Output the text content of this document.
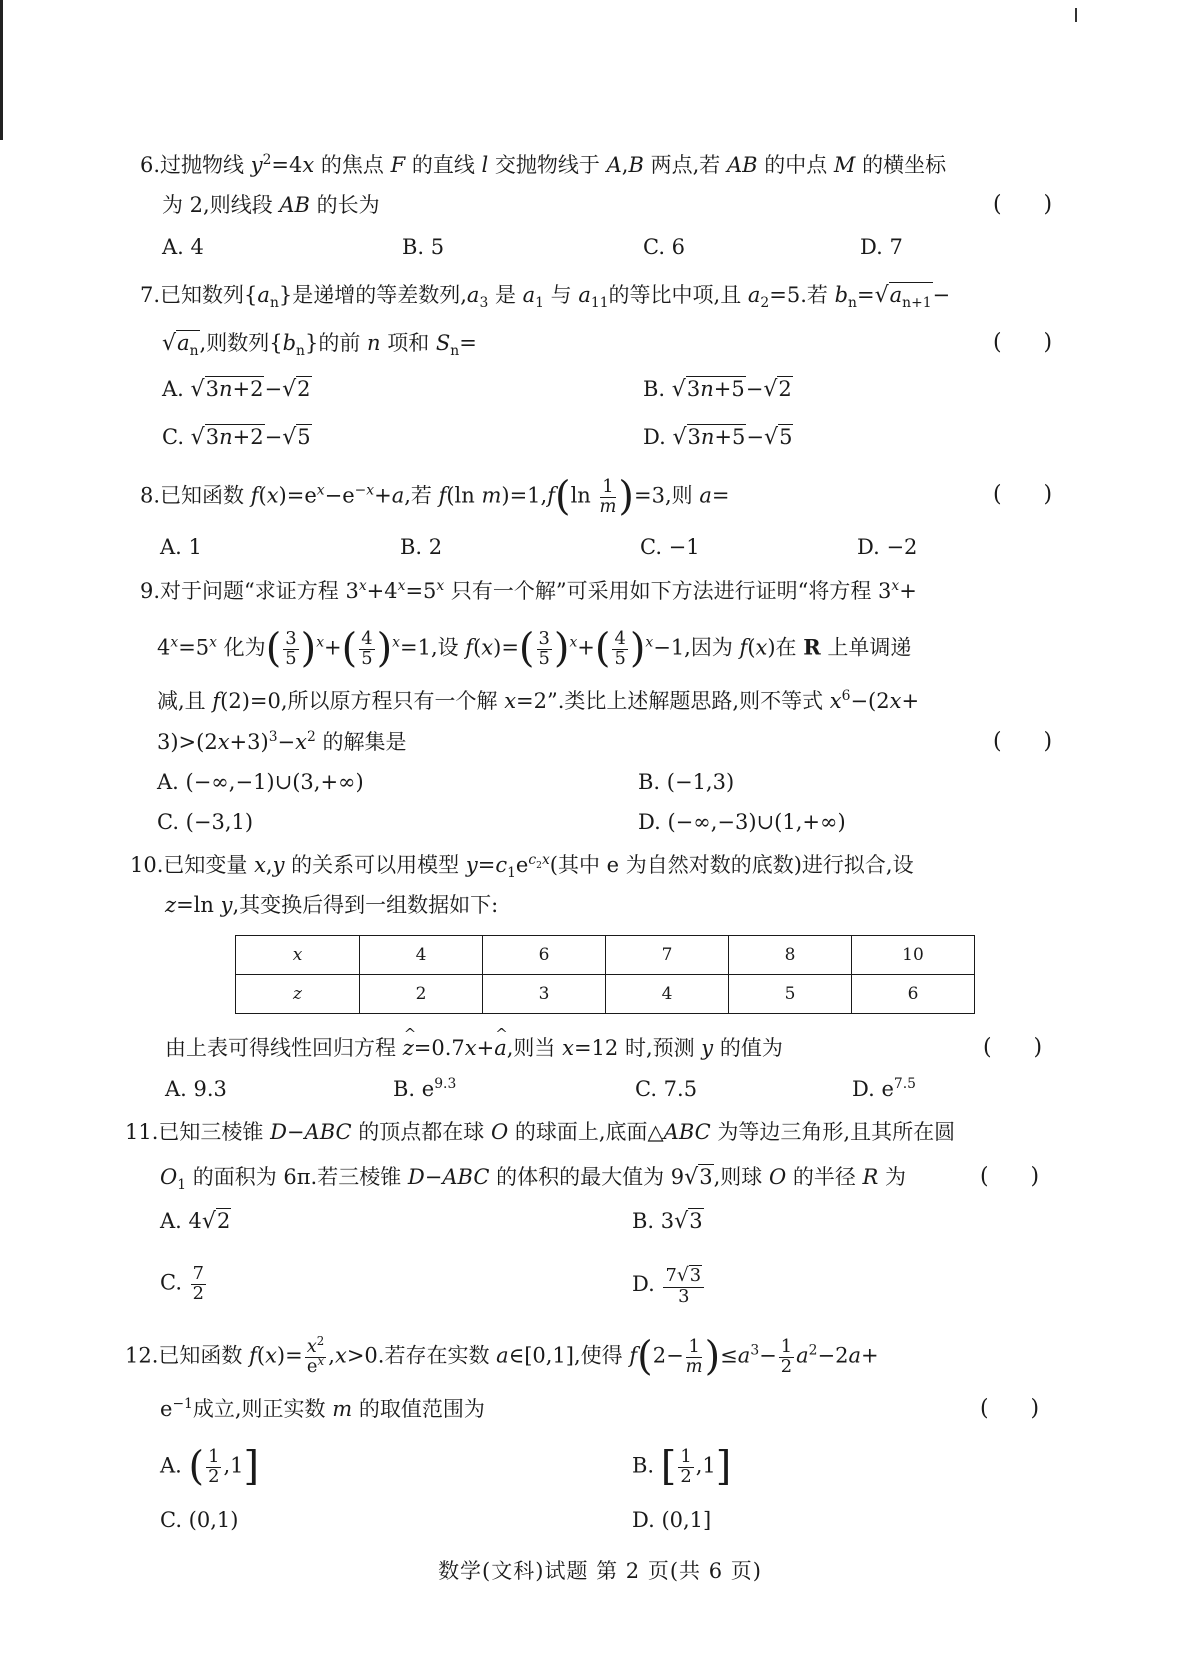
6.过抛物线 $y^2=4x$ 的焦点 F 的直线 l 交抛物线于 A,B 两点,若 AB 的中点 M 的横坐标
为 2,则线段 AB 的长为	(      )
A. 4	B. 5	C. 6	D. 7
7.已知数列$\{a_n\}$是递增的等差数列$,a_3$ 是 $a_1$ 与 $a_{11}$的等比中项,且 $a_2=5$.若 $b_n=√a_{n+1}-$
$√a_n$,则数列$\{b_n\}$的前 n 项和 $S_n=$	(      )
A. √3n+2−√2	B. √3n+5−√2
C. √3n+2−√5	D. √3n+5−√5
8.已知函数 $f(x)=e^x-e^{-x}+a$,若 f(ln $m)=1,f(\ln \frac{1}{m} )=3$,则 a=	(      )
A. 1	B. 2	C. −1	D. −2
9.对于问题“求证方程 $3^x+4^x=5^x$ 只有一个解”可采用如下方法进行证明“将方程 $3^x+$
$4^x=5^x$ 化为( $\frac{3}{5} )^x+( \frac{4}{5} )^x=1$,设 $f(x)=( \frac{3}{5} )^x+( \frac{4}{5} )^x-1$,因为 f(x)在 R 上单调递
减,且 f(2)=0,所以原方程只有一个解 x=2”.类比上述解题思路,则不等式 $x^6-(2x+$
$3)>(2x+3)^3-x^2$ 的解集是	(      )
A. (−∞,−1)∪(3,+∞)	B. (−1,3)
C. (−3,1)	D. (−∞,−3)∪(1,+∞)
10.已知变量 x,y 的关系可以用模型 $y=c_1e^{c_2x}$(其中 e 为自然对数的底数)进行拟合,设
z=ln y,其变换后得到一组数据如下:
x	4	6	7	8	10
z	2	3	4	5	6
由上表可得线性回归方程 ^ z=0.7x+^ a,则当 x=12 时,预测 y 的值为	(      )
A. 9.3	B. $e^{9.3}$	C. 7.5	D. $e^{7.5}$
11.已知三棱锥 D−ABC 的顶点都在球 O 的球面上,底面△ABC 为等边三角形,且其所在圆
$O_1$ 的面积为 6π.若三棱锥 D−ABC 的体积的最大值为 9√3,则球 O 的半径 R 为	(      )
A. 4√2	B. 3√3
C. $\frac{7}{2}$	D. $\frac{7√3}{3}$
12.已知函数 $f(x)= \frac{x^2}{e^x} ,x>0$.若存在实数 a∈[0,1],使得 $f(2- \frac{1}{m} )\le a^3- \frac{1}{2} a^2-2a+$
$e^{-1}$成立,则正实数 m 的取值范围为	(      )
A. ( $\frac{1}{2} ,1$]	B. [ $\frac{1}{2} ,1$]
C. (0,1)	D. (0,1]
数学(文科)试题 第 2 页(共 6 页)
